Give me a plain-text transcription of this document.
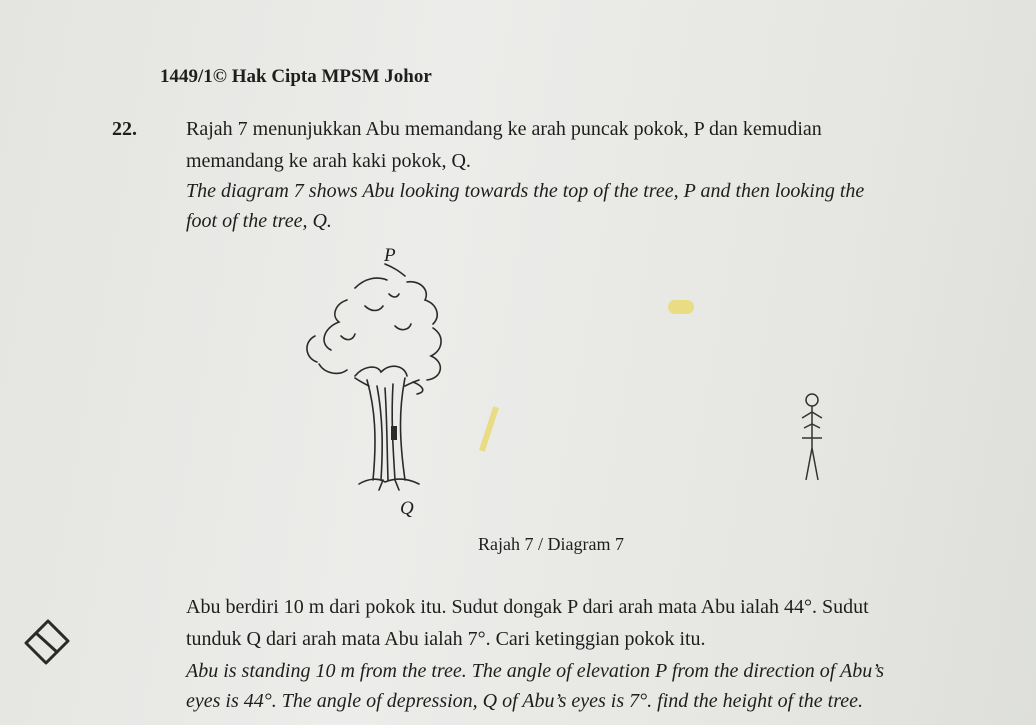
1449/1© Hak Cipta MPSM Johor
22. Rajah 7 menunjukkan Abu memandang ke arah puncak pokok, P dan kemudian
memandang ke arah kaki pokok, Q.
The diagram 7 shows Abu looking towards the top of the tree, P and then looking the
foot of the tree, Q.
P
Q
Rajah 7 / Diagram 7
Abu berdiri 10 m dari pokok itu. Sudut dongak P dari arah mata Abu ialah 44°. Sudut
tunduk Q dari arah mata Abu ialah 7°. Cari ketinggian pokok itu.
Abu is standing 10 m from the tree. The angle of elevation P from the direction of Abu’s
eyes is 44°. The angle of depression, Q of Abu’s eyes is 7°. find the height of the tree.
